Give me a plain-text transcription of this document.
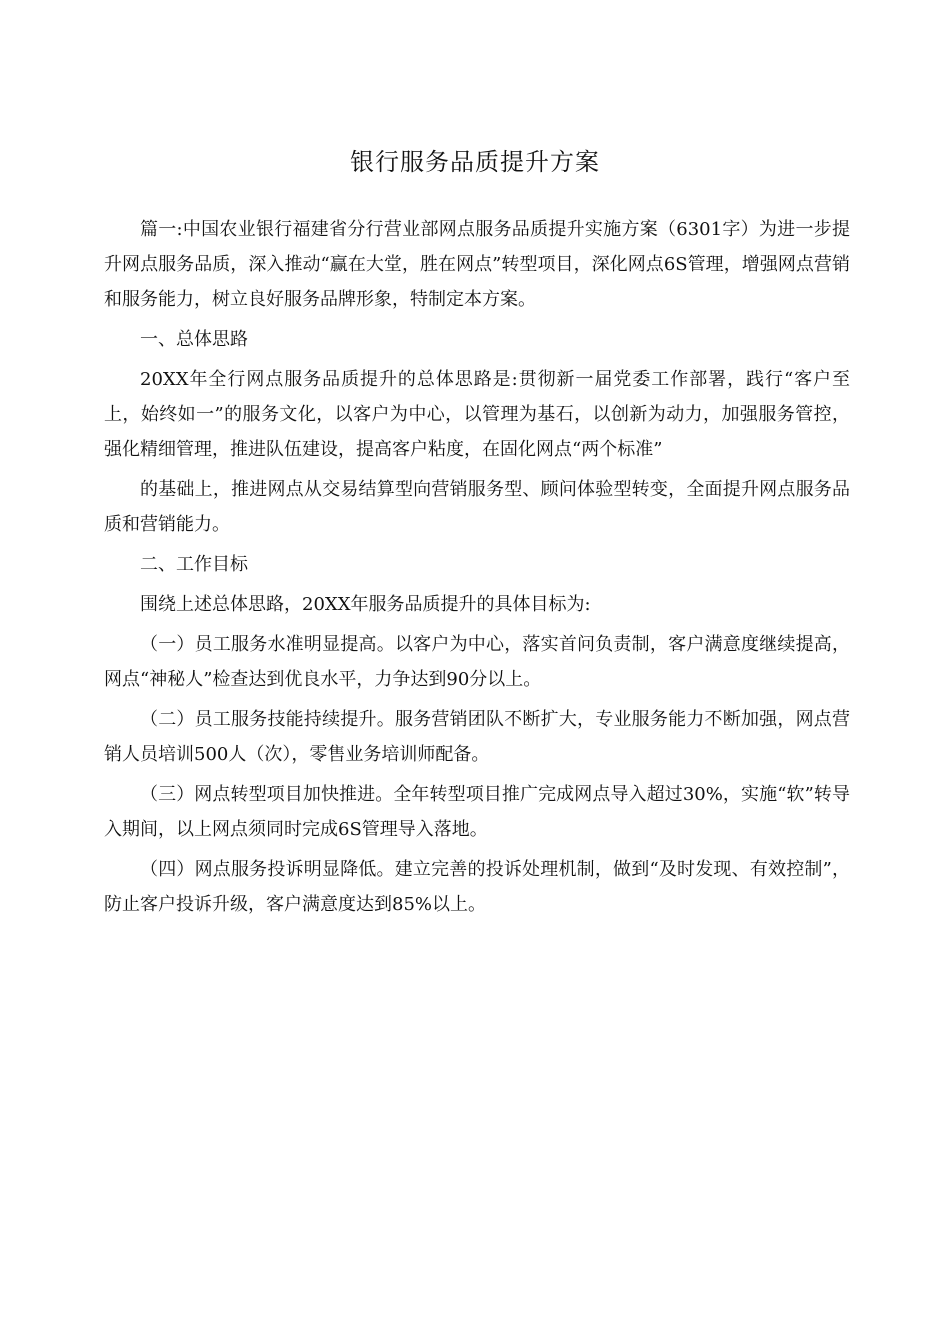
银行服务品质提升方案

篇一:中国农业银行福建省分行营业部网点服务品质提升实施方案（6301字）为进一步提升网点服务品质，深入推动“赢在大堂，胜在网点”转型项目，深化网点6S管理，增强网点营销和服务能力，树立良好服务品牌形象，特制定本方案。

一、总体思路

20XX年全行网点服务品质提升的总体思路是:贯彻新一届党委工作部署，践行“客户至上，始终如一”的服务文化，以客户为中心，以管理为基石，以创新为动力，加强服务管控，强化精细管理，推进队伍建设，提高客户粘度，在固化网点“两个标准”

的基础上，推进网点从交易结算型向营销服务型、顾问体验型转变，全面提升网点服务品质和营销能力。

二、工作目标

围绕上述总体思路，20XX年服务品质提升的具体目标为:

（一）员工服务水准明显提高。以客户为中心，落实首问负责制，客户满意度继续提高，网点“神秘人”检查达到优良水平，力争达到90分以上。

（二）员工服务技能持续提升。服务营销团队不断扩大，专业服务能力不断加强，网点营销人员培训500人（次），零售业务培训师配备。

（三）网点转型项目加快推进。全年转型项目推广完成网点导入超过30%，实施“软”转导入期间，以上网点须同时完成6S管理导入落地。

（四）网点服务投诉明显降低。建立完善的投诉处理机制，做到“及时发现、有效控制”，防止客户投诉升级，客户满意度达到85%以上。
